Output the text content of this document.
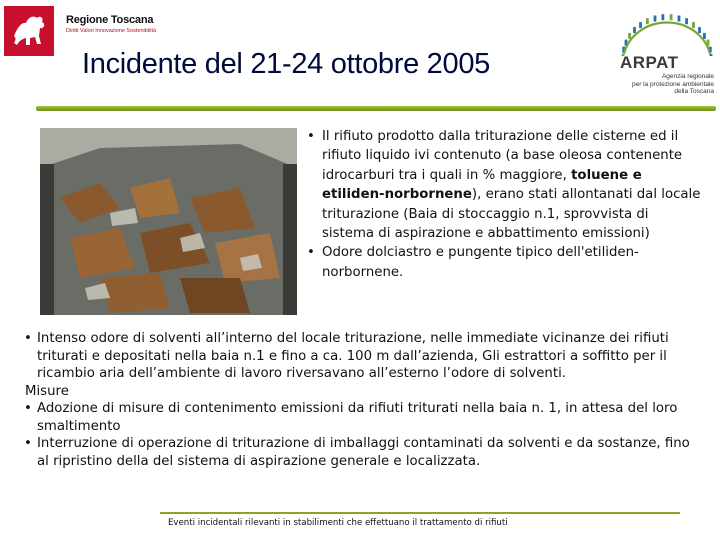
Regione Toscana
Diritti Valori Innovazione Sostenibilità
Incidente del 21-24 ottobre 2005	ARPAT
Agenzia regionale
per la protezione ambientale
della Toscana
• Il rifiuto prodotto dalla triturazione delle cisterne ed il rifiuto liquido ivi contenuto (a base oleosa contenente idrocarburi tra i quali in % maggiore, toluene e etiliden-norbornene), erano stati allontanati dal locale triturazione (Baia di stoccaggio n.1, sprovvista di sistema di aspirazione e abbattimento emissioni)
• Odore dolciastro e pungente tipico dell'etiliden-norbornene.
• Intenso odore di solventi all’interno del locale triturazione, nelle immediate vicinanze dei rifiuti triturati e depositati nella baia n.1 e fino a ca. 100 m dall’azienda, Gli estrattori a soffitto per il ricambio aria dell’ambiente di lavoro riversavano all’esterno l’odore di solventi.
Misure
• Adozione di misure di contenimento emissioni da rifiuti triturati nella baia n. 1, in attesa del loro smaltimento
• Interruzione di operazione di triturazione di imballaggi contaminati da solventi e da sostanze, fino al ripristino della del sistema di aspirazione generale e localizzata.
Eventi incidentali rilevanti in stabilimenti che effettuano il trattamento di rifiuti
